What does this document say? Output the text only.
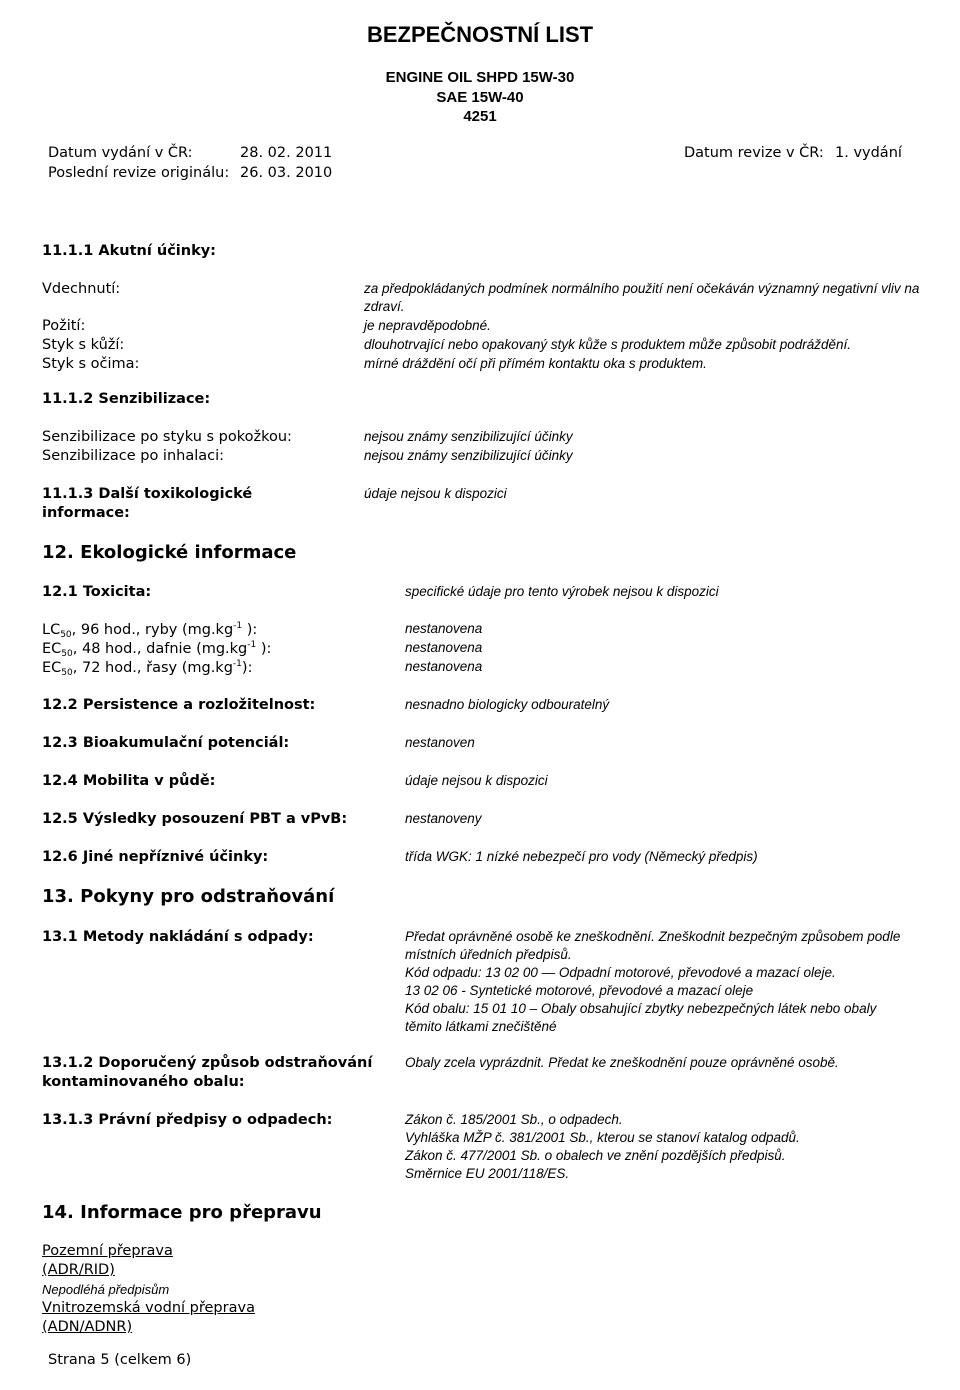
BEZPEČNOSTNÍ LIST
ENGINE OIL SHPD 15W-30
SAE 15W-40
4251
Datum vydání v ČR:	28. 02. 2011	Datum revize v ČR: 1. vydání
Poslední revize originálu: 26. 03. 2010
11.1.1 Akutní účinky:
Vdechnutí:	za předpokládaných podmínek normálního použití není očekáván významný negativní vliv na
zdraví.
Požití:	je nepravděpodobné.
Styk s kůží:	dlouhotrvající nebo opakovaný styk kůže s produktem může způsobit podráždění.
Styk s očima:	mírné dráždění očí při přímém kontaktu oka s produktem.
11.1.2 Senzibilizace:
Senzibilizace po styku s pokožkou:	nejsou známy senzibilizující účinky
Senzibilizace po inhalaci:	nejsou známy senzibilizující účinky
11.1.3 Další toxikologické
informace:
údaje nejsou k dispozici
12. Ekologické informace
12.1 Toxicita:	specifické údaje pro tento výrobek nejsou k dispozici
$LC_{50}$, 96 hod., ryby ($mg.kg^{-1}$ ):	nestanovena
$EC_{50}$, 48 hod., dafnie ($mg.kg^{-1}$ ):	nestanovena
$EC_{50}$, 72 hod., řasy $(mg.kg^{-1})$:	nestanovena
12.2 Persistence a rozložitelnost:	nesnadno biologicky odbouratelný
12.3 Bioakumulační potenciál:	nestanoven
12.4 Mobilita v půdě:	údaje nejsou k dispozici
12.5 Výsledky posouzení PBT a vPvB:	nestanoveny
12.6 Jiné nepříznivé účinky:	třída WGK: 1 nízké nebezpečí pro vody (Německý předpis)
13. Pokyny pro odstraňování
13.1 Metody nakládání s odpady:	Předat oprávněné osobě ke zneškodnění. Zneškodnit bezpečným způsobem podle
místních úředních předpisů.
Kód odpadu: 13 02 00 — Odpadní motorové, převodové a mazací oleje.
13 02 06 - Syntetické motorové, převodové a mazací oleje
Kód obalu: 15 01 10 – Obaly obsahující zbytky nebezpečných látek nebo obaly
těmito látkami znečištěné
13.1.2 Doporučený způsob odstraňování
kontaminovaného obalu:
Obaly zcela vyprázdnit. Předat ke zneškodnění pouze oprávněné osobě.
13.1.3 Právní předpisy o odpadech:	Zákon č. 185/2001 Sb., o odpadech.
Vyhláška MŽP č. 381/2001 Sb., kterou se stanoví katalog odpadů.
Zákon č. 477/2001 Sb. o obalech ve znění pozdějších předpisů.
Směrnice EU 2001/118/ES.
14. Informace pro přepravu
Pozemní přeprava
(ADR/RID)
Nepodléhá předpisům
Vnitrozemská vodní přeprava
(ADN/ADNR)
Strana 5 (celkem 6)
